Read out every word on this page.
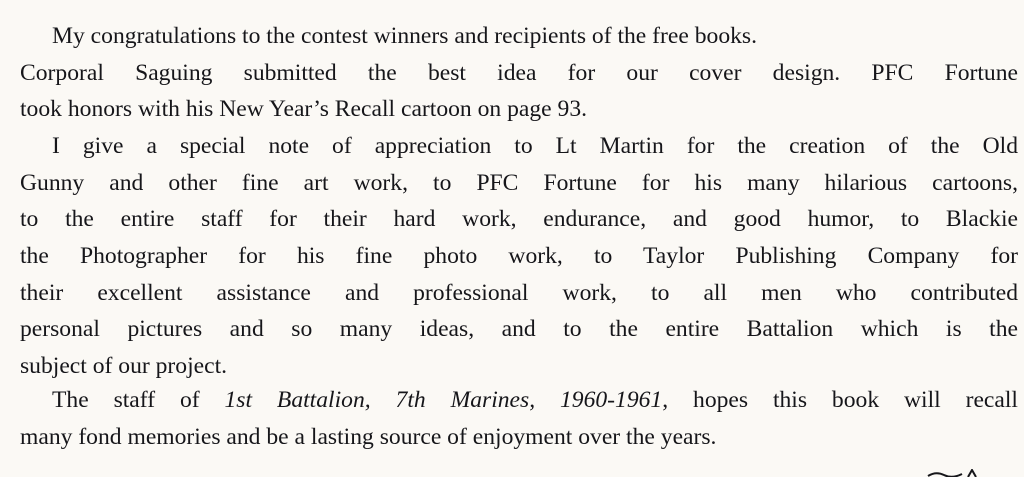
My congratulations to the contest winners and recipients of the free books.
Corporal Saguing submitted the best idea for our cover design. PFC Fortune
took honors with his New Year’s Recall cartoon on page 93.

I give a special note of appreciation to Lt Martin for the creation of the Old
Gunny and other fine art work, to PFC Fortune for his many hilarious cartoons,
to the entire staff for their hard work, endurance, and good humor, to Blackie
the Photographer for his fine photo work, to Taylor Publishing Company for
their excellent assistance and professional work, to all men who contributed
personal pictures and so many ideas, and to the entire Battalion which is the
subject of our project.

The staff of 1st Battalion, 7th Marines, 1960-1961, hopes this book will recall
many fond memories and be a lasting source of enjoyment over the years.
